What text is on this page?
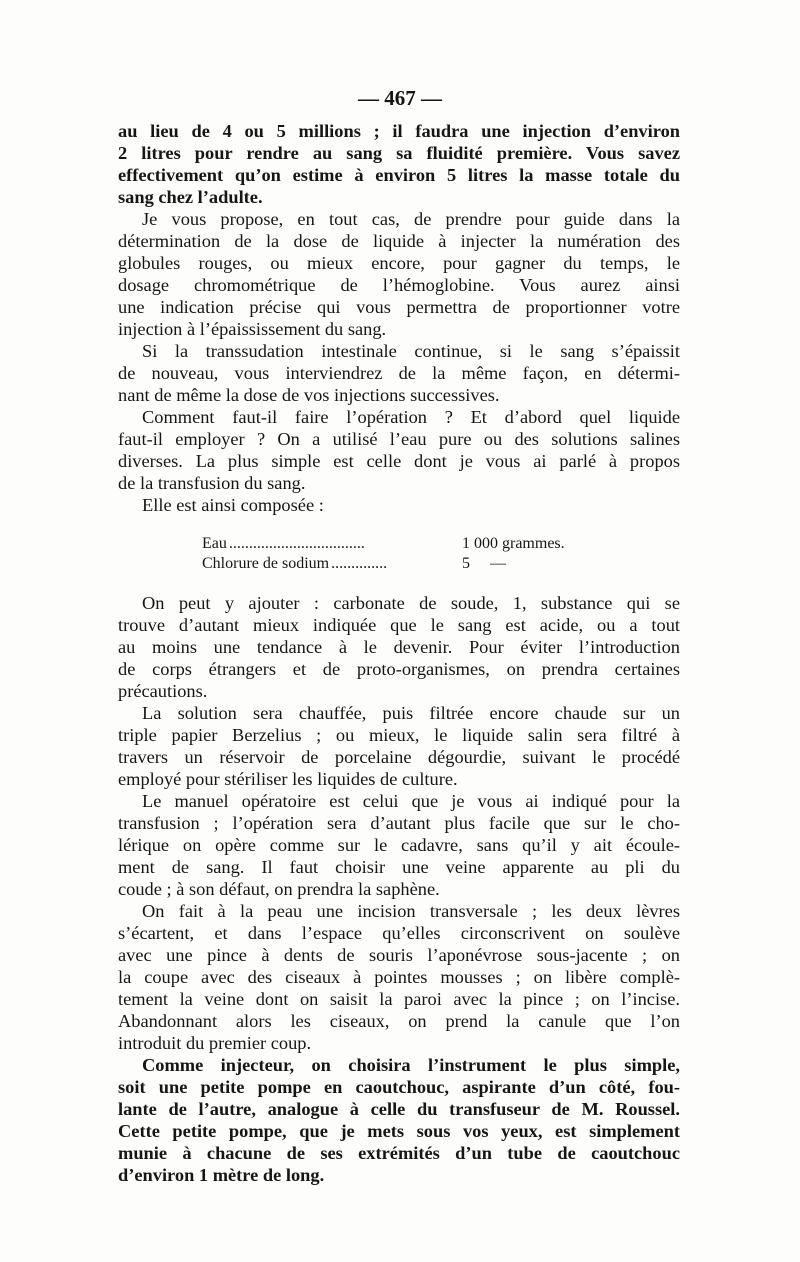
— 467 —
au lieu de 4 ou 5 millions ; il faudra une injection d’environ
2 litres pour rendre au sang sa fluidité première. Vous savez
effectivement qu’on estime à environ 5 litres la masse totale du
sang chez l’adulte.
Je vous propose, en tout cas, de prendre pour guide dans la
détermination de la dose de liquide à injecter la numération des
globules rouges, ou mieux encore, pour gagner du temps, le
dosage chromométrique de l’hémoglobine. Vous aurez ainsi
une indication précise qui vous permettra de proportionner votre
injection à l’épaississement du sang.
Si la transsudation intestinale continue, si le sang s’épaissit
de nouveau, vous interviendrez de la même façon, en détermi-
nant de même la dose de vos injections successives.
Comment faut-il faire l’opération ? Et d’abord quel liquide
faut-il employer ? On a utilisé l’eau pure ou des solutions salines
diverses. La plus simple est celle dont je vous ai parlé à propos
de la transfusion du sang.
Elle est ainsi composée :
Eau ..................................	1 000 grammes.
Chlorure de sodium ..............	5     —
On peut y ajouter : carbonate de soude, 1, substance qui se
trouve d’autant mieux indiquée que le sang est acide, ou a tout
au moins une tendance à le devenir. Pour éviter l’introduction
de corps étrangers et de proto-organismes, on prendra certaines
précautions.
La solution sera chauffée, puis filtrée encore chaude sur un
triple papier Berzelius ; ou mieux, le liquide salin sera filtré à
travers un réservoir de porcelaine dégourdie, suivant le procédé
employé pour stériliser les liquides de culture.
Le manuel opératoire est celui que je vous ai indiqué pour la
transfusion ; l’opération sera d’autant plus facile que sur le cho-
lérique on opère comme sur le cadavre, sans qu’il y ait écoule-
ment de sang. Il faut choisir une veine apparente au pli du
coude ; à son défaut, on prendra la saphène.
On fait à la peau une incision transversale ; les deux lèvres
s’écartent, et dans l’espace qu’elles circonscrivent on soulève
avec une pince à dents de souris l’aponévrose sous-jacente ; on
la coupe avec des ciseaux à pointes mousses ; on libère complè-
tement la veine dont on saisit la paroi avec la pince ; on l’incise.
Abandonnant alors les ciseaux, on prend la canule que l’on
introduit du premier coup.
Comme injecteur, on choisira l’instrument le plus simple,
soit une petite pompe en caoutchouc, aspirante d’un côté, fou-
lante de l’autre, analogue à celle du transfuseur de M. Roussel.
Cette petite pompe, que je mets sous vos yeux, est simplement
munie à chacune de ses extrémités d’un tube de caoutchouc
d’environ 1 mètre de long.
